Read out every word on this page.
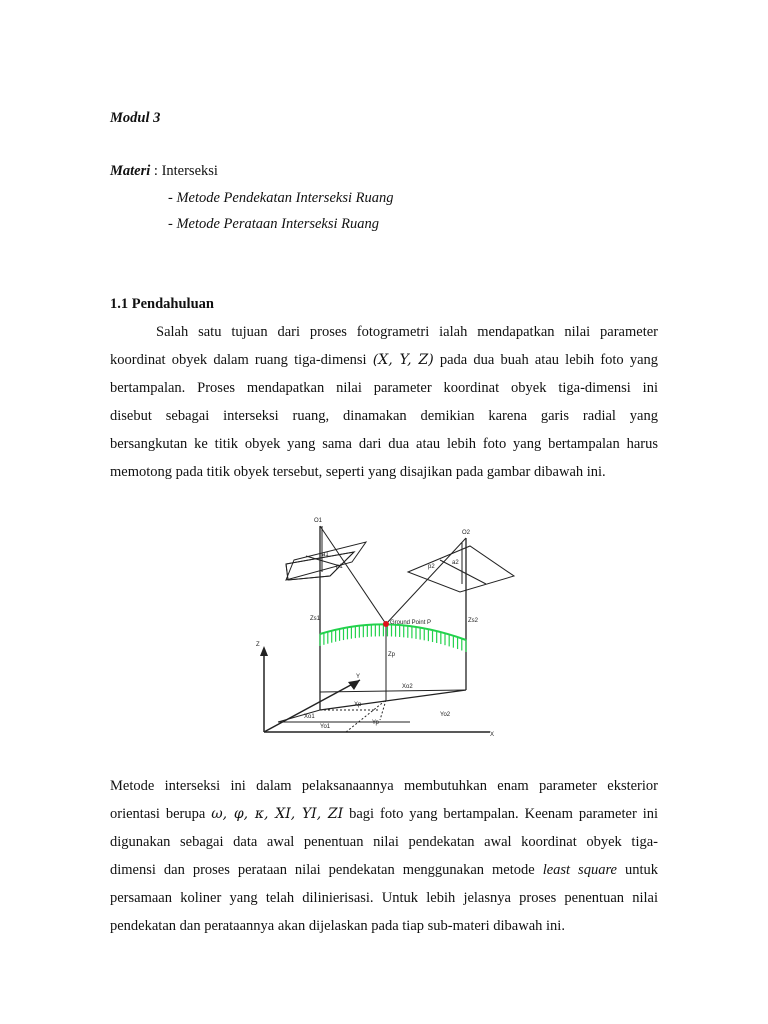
Modul 3
Materi : Interseksi
- Metode Pendekatan Interseksi Ruang
- Metode Perataan Interseksi Ruang
1.1 Pendahuluan
Salah satu tujuan dari proses fotogrametri ialah mendapatkan nilai parameter
koordinat obyek dalam ruang tiga-dimensi (X, Y, Z) pada dua buah atau lebih foto yang
bertampalan. Proses mendapatkan nilai parameter koordinat obyek tiga-dimensi ini
disebut sebagai interseksi ruang, dinamakan demikian karena garis radial yang
bersangkutan ke titik obyek yang sama dari dua atau lebih foto yang bertampalan harus
memotong pada titik obyek tersebut, seperti yang disajikan pada gambar dibawah ini.
O1
O2
a1
p1
a2
p2
Zs1	Zs2
Ground Point P
Zp
Z
Y
X
Xo1
Xo2
Xp
Yp
Yo1
Yo2
Metode interseksi ini dalam pelaksanaannya membutuhkan enam parameter eksterior
orientasi berupa ω, φ, κ, XI, YI, ZI bagi foto yang bertampalan. Keenam parameter ini
digunakan sebagai data awal penentuan nilai pendekatan awal koordinat obyek tiga-
dimensi dan proses perataan nilai pendekatan menggunakan metode least square untuk
persamaan koliner yang telah dilinierisasi. Untuk lebih jelasnya proses penentuan nilai
pendekatan dan perataannya akan dijelaskan pada tiap sub-materi dibawah ini.
